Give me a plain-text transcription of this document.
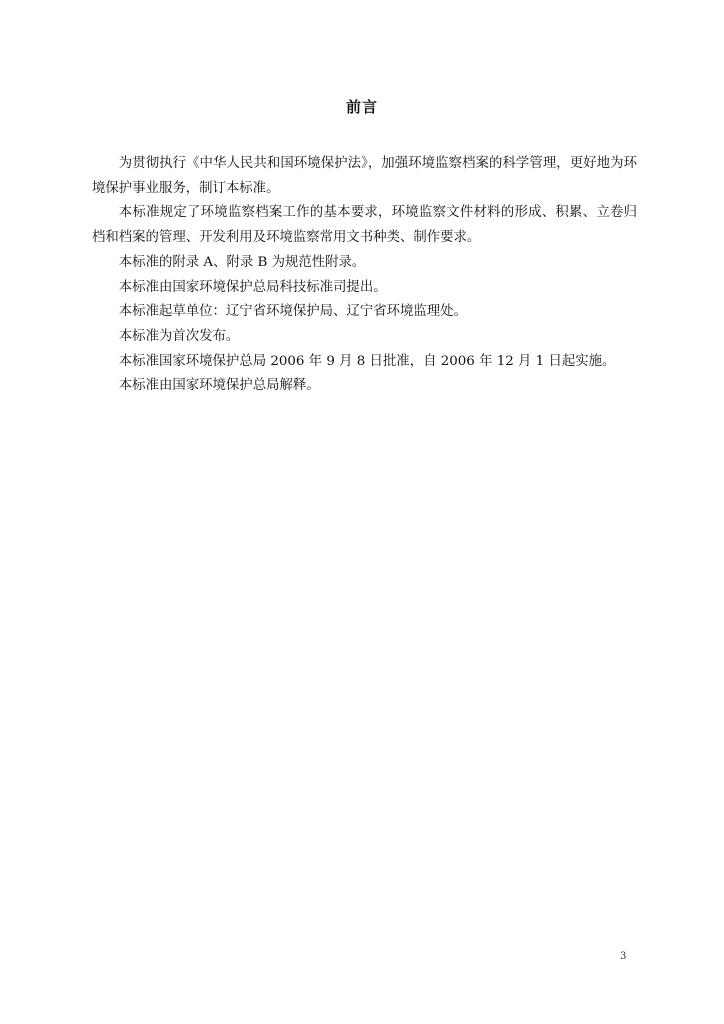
前言

为贯彻执行《中华人民共和国环境保护法》，加强环境监察档案的科学管理，更好地为环境保护事业服务，制订本标准。

本标准规定了环境监察档案工作的基本要求，环境监察文件材料的形成、积累、立卷归档和档案的管理、开发利用及环境监察常用文书种类、制作要求。

本标准的附录 A、附录 B 为规范性附录。

本标准由国家环境保护总局科技标准司提出。

本标准起草单位：辽宁省环境保护局、辽宁省环境监理处。

本标准为首次发布。

本标准国家环境保护总局 2006 年 9 月 8 日批准，自 2006 年 12 月 1 日起实施。

本标准由国家环境保护总局解释。

3
